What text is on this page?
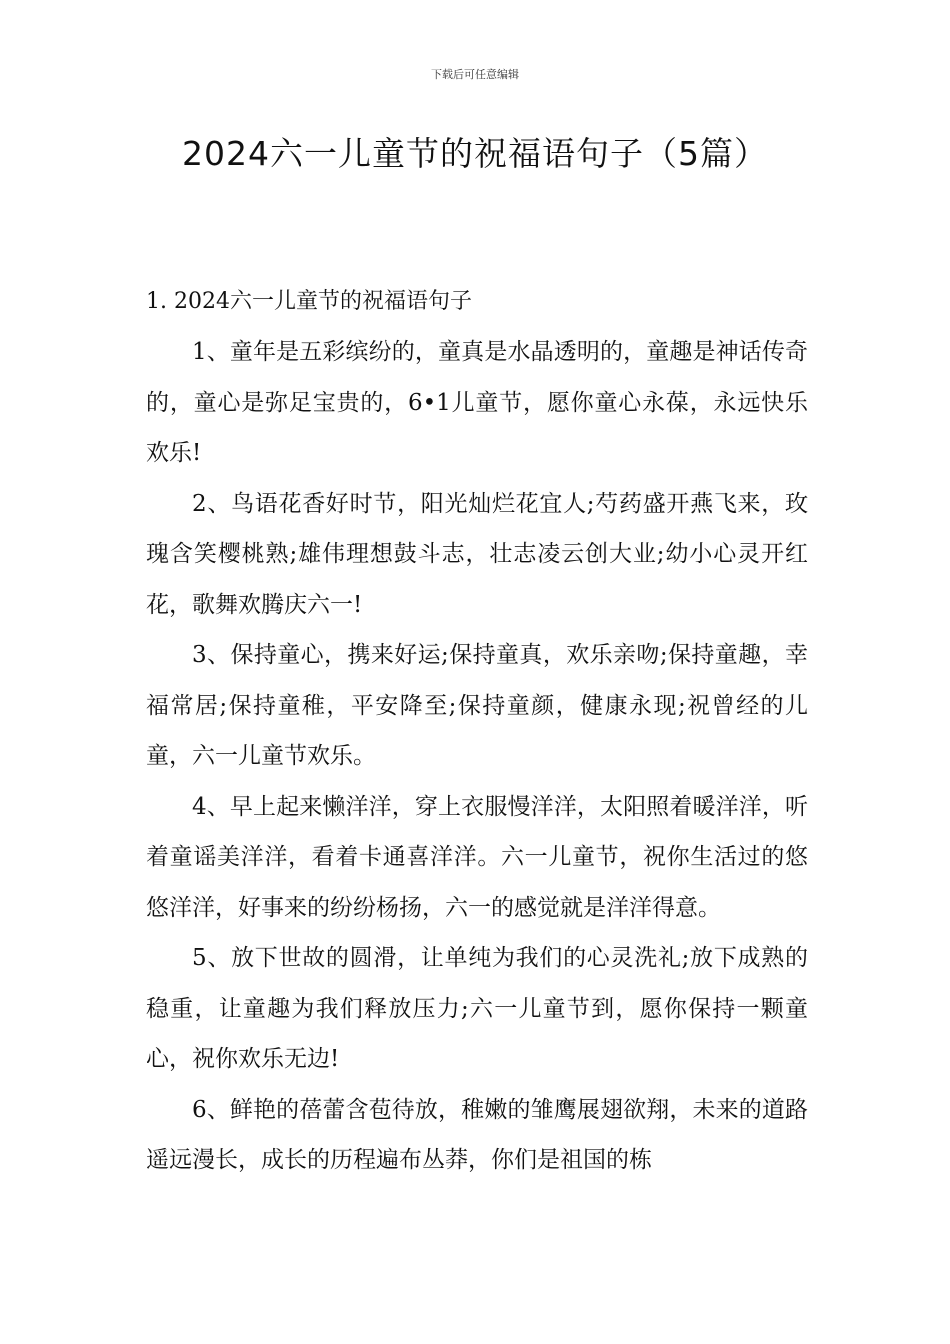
下载后可任意编辑
2024六一儿童节的祝福语句子（5篇）
1. 2024六一儿童节的祝福语句子

1、童年是五彩缤纷的，童真是水晶透明的，童趣是神话传奇的，童心是弥足宝贵的，6•1儿童节，愿你童心永葆，永远快乐欢乐!

2、鸟语花香好时节，阳光灿烂花宜人;芍药盛开燕飞来，玫瑰含笑樱桃熟;雄伟理想鼓斗志，壮志凌云创大业;幼小心灵开红花，歌舞欢腾庆六一!

3、保持童心，携来好运;保持童真，欢乐亲吻;保持童趣，幸福常居;保持童稚，平安降至;保持童颜，健康永现;祝曾经的儿童，六一儿童节欢乐。

4、早上起来懒洋洋，穿上衣服慢洋洋，太阳照着暖洋洋，听着童谣美洋洋，看着卡通喜洋洋。六一儿童节，祝你生活过的悠悠洋洋，好事来的纷纷杨扬，六一的感觉就是洋洋得意。

5、放下世故的圆滑，让单纯为我们的心灵洗礼;放下成熟的稳重，让童趣为我们释放压力;六一儿童节到，愿你保持一颗童心，祝你欢乐无边!

6、鲜艳的蓓蕾含苞待放，稚嫩的雏鹰展翅欲翔，未来的道路遥远漫长，成长的历程遍布丛莽，你们是祖国的栋
